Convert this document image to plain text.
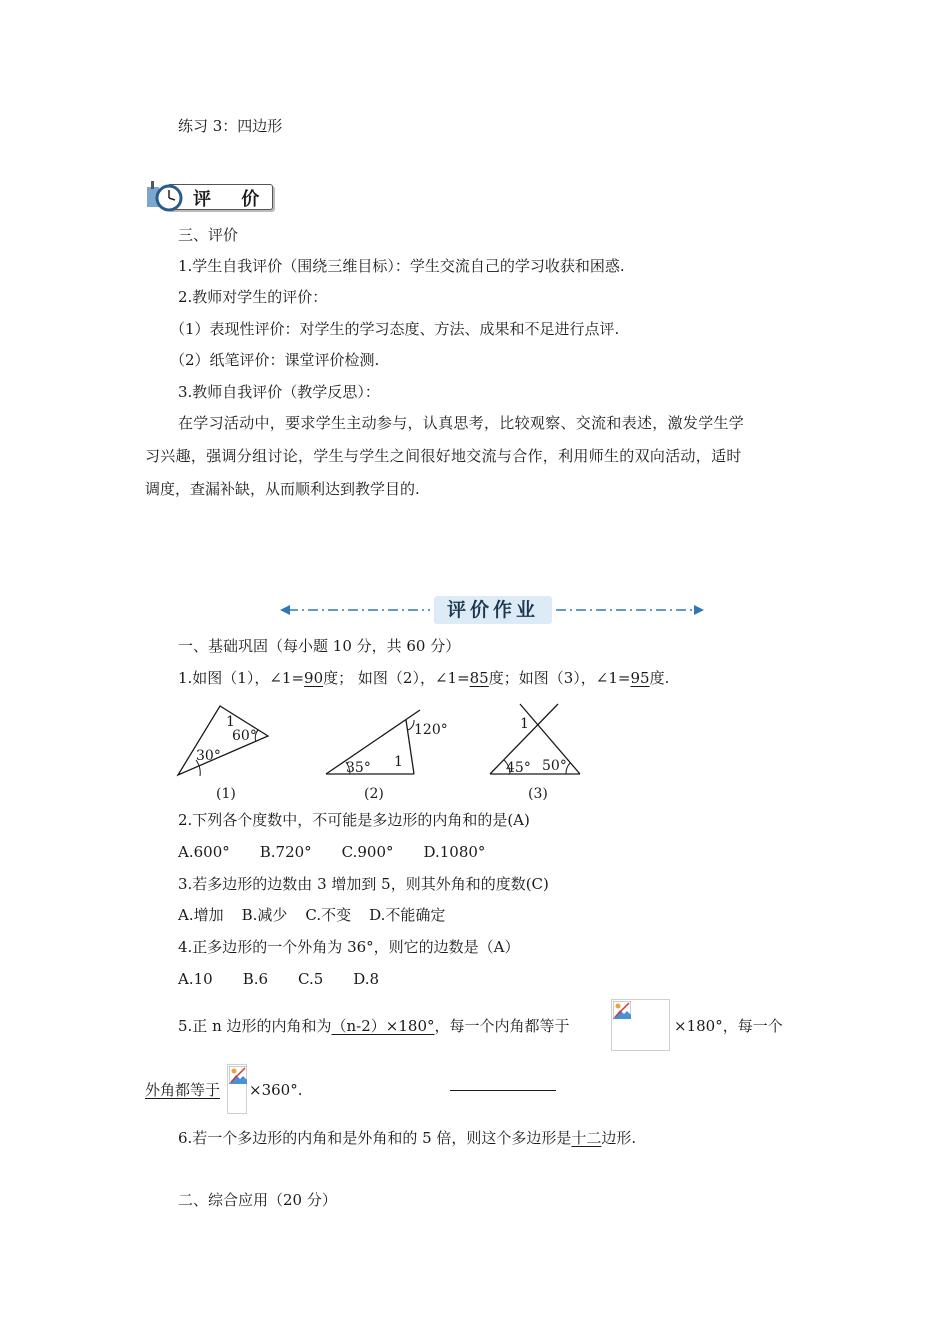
练习 3：四边形
评 价
三、评价
1.学生自我评价（围绕三维目标）：学生交流自己的学习收获和困惑.
2.教师对学生的评价：
（1）表现性评价：对学生的学习态度、方法、成果和不足进行点评.
（2）纸笔评价：课堂评价检测.
3.教师自我评价（教学反思）：
在学习活动中，要求学生主动参与，认真思考，比较观察、交流和表述，激发学生学
习兴趣，强调分组讨论，学生与学生之间很好地交流与合作，利用师生的双向活动，适时
调度，查漏补缺，从而顺利达到教学目的.
评价作业
一、基础巩固（每小题 10 分，共 60 分）
1.如图（1），∠1=90度； 如图（2），∠1=85度；如图（3），∠1=95度.
1
60°
30°
(1)
120°
35° 1
(2)
1
45° 50°
(3)
2.下列各个度数中，不可能是多边形的内角和的是(A)
A.600° B.720° C.900° D.1080°
3.若多边形的边数由 3 增加到 5，则其外角和的度数(C)
A.增加 B.减少 C.不变 D.不能确定
4.正多边形的一个外角为 36°，则它的边数是（A）
A.10 B.6 C.5 D.8
5.正 n 边形的内角和为（n-2）×180°，每一个内角都等于	×180°，每一个
外角都等于 ×360°.
6.若一个多边形的内角和是外角和的 5 倍，则这个多边形是十二边形.
二、综合应用（20 分）
